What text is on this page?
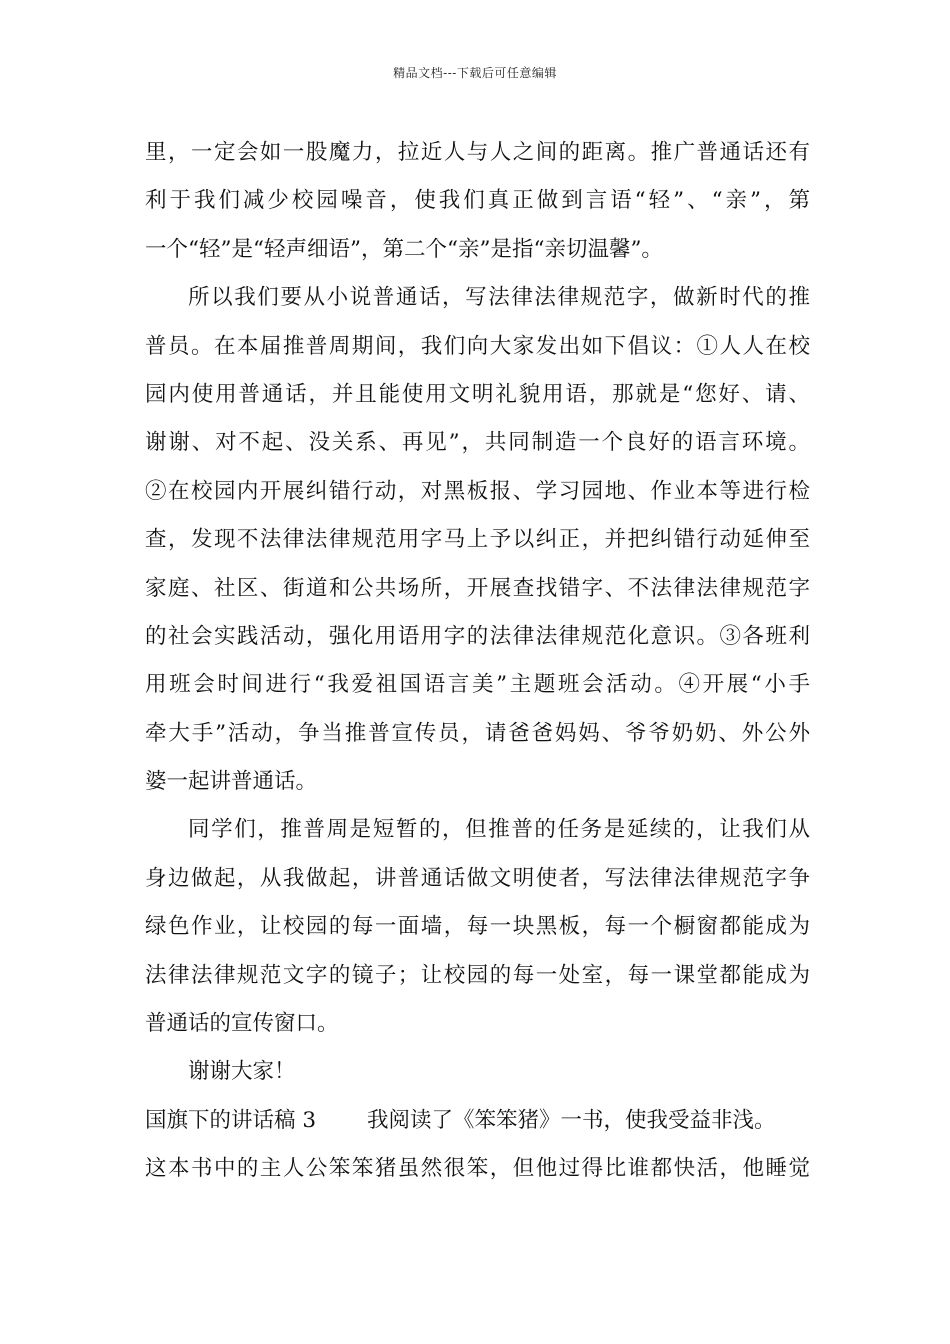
精品文档---下载后可任意编辑
里，一定会如一股魔力，拉近人与人之间的距离。推广普通话还有
利于我们减少校园噪音，使我们真正做到言语“轻”、“亲”，第
一个“轻”是“轻声细语”，第二个“亲”是指“亲切温馨”。
所以我们要从小说普通话，写法律法律规范字，做新时代的推
普员。在本届推普周期间，我们向大家发出如下倡议：①人人在校
园内使用普通话，并且能使用文明礼貌用语，那就是“您好、请、
谢谢、对不起、没关系、再见”，共同制造一个良好的语言环境。
②在校园内开展纠错行动，对黑板报、学习园地、作业本等进行检
查，发现不法律法律规范用字马上予以纠正，并把纠错行动延伸至
家庭、社区、街道和公共场所，开展查找错字、不法律法律规范字
的社会实践活动，强化用语用字的法律法律规范化意识。③各班利
用班会时间进行“我爱祖国语言美”主题班会活动。④开展“小手
牵大手”活动，争当推普宣传员，请爸爸妈妈、爷爷奶奶、外公外
婆一起讲普通话。
同学们，推普周是短暂的，但推普的任务是延续的，让我们从
身边做起，从我做起，讲普通话做文明使者，写法律法律规范字争
绿色作业，让校园的每一面墙，每一块黑板，每一个橱窗都能成为
法律法律规范文字的镜子；让校园的每一处室，每一课堂都能成为
普通话的宣传窗口。
谢谢大家！
国旗下的讲话稿 3 我阅读了《笨笨猪》一书，使我受益非浅。
这本书中的主人公笨笨猪虽然很笨，但他过得比谁都快活，他睡觉
